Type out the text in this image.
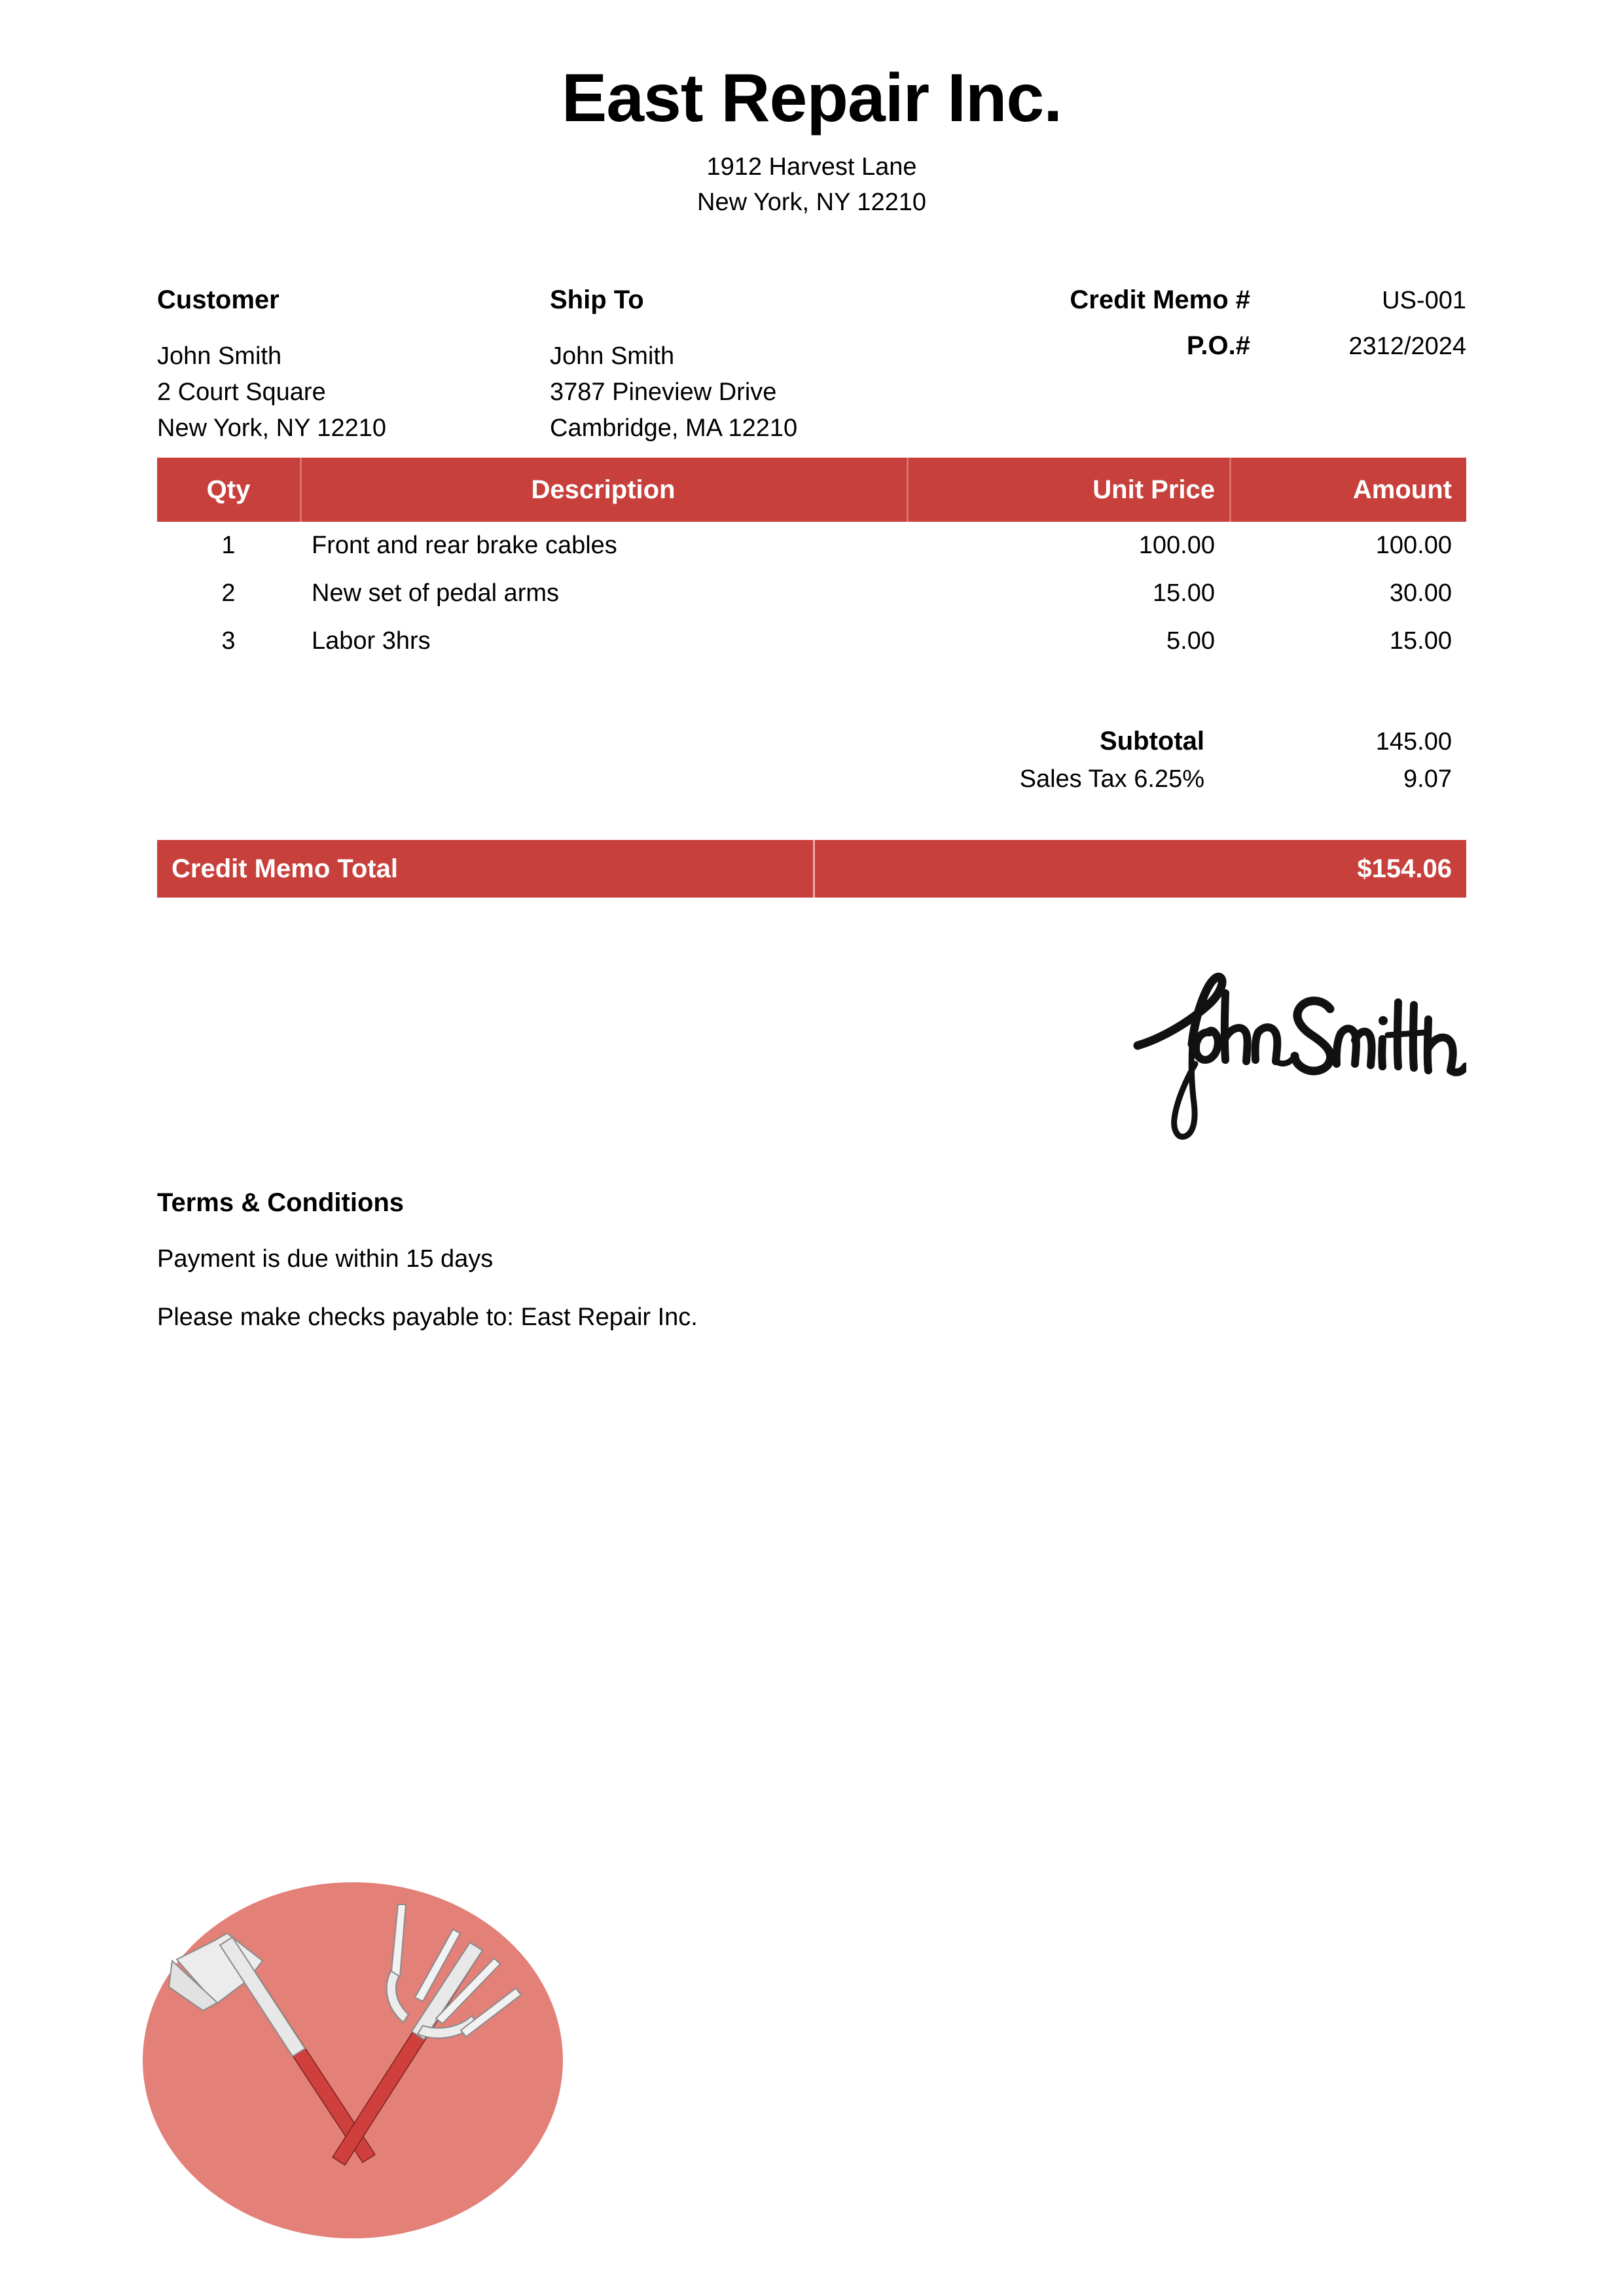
East Repair Inc.
1912 Harvest Lane
New York, NY 12210
Customer
John Smith
2 Court Square
New York, NY 12210
Ship To
John Smith
3787 Pineview Drive
Cambridge, MA 12210
Credit Memo #	US-001
P.O.#	2312/2024
Qty	Description	Unit Price	Amount
1	Front and rear brake cables	100.00	100.00
2	New set of pedal arms	15.00	30.00
3	Labor 3hrs	5.00	15.00
Subtotal	145.00
Sales Tax 6.25%	9.07
Credit Memo Total	$154.06
Terms & Conditions
Payment is due within 15 days
Please make checks payable to: East Repair Inc.
